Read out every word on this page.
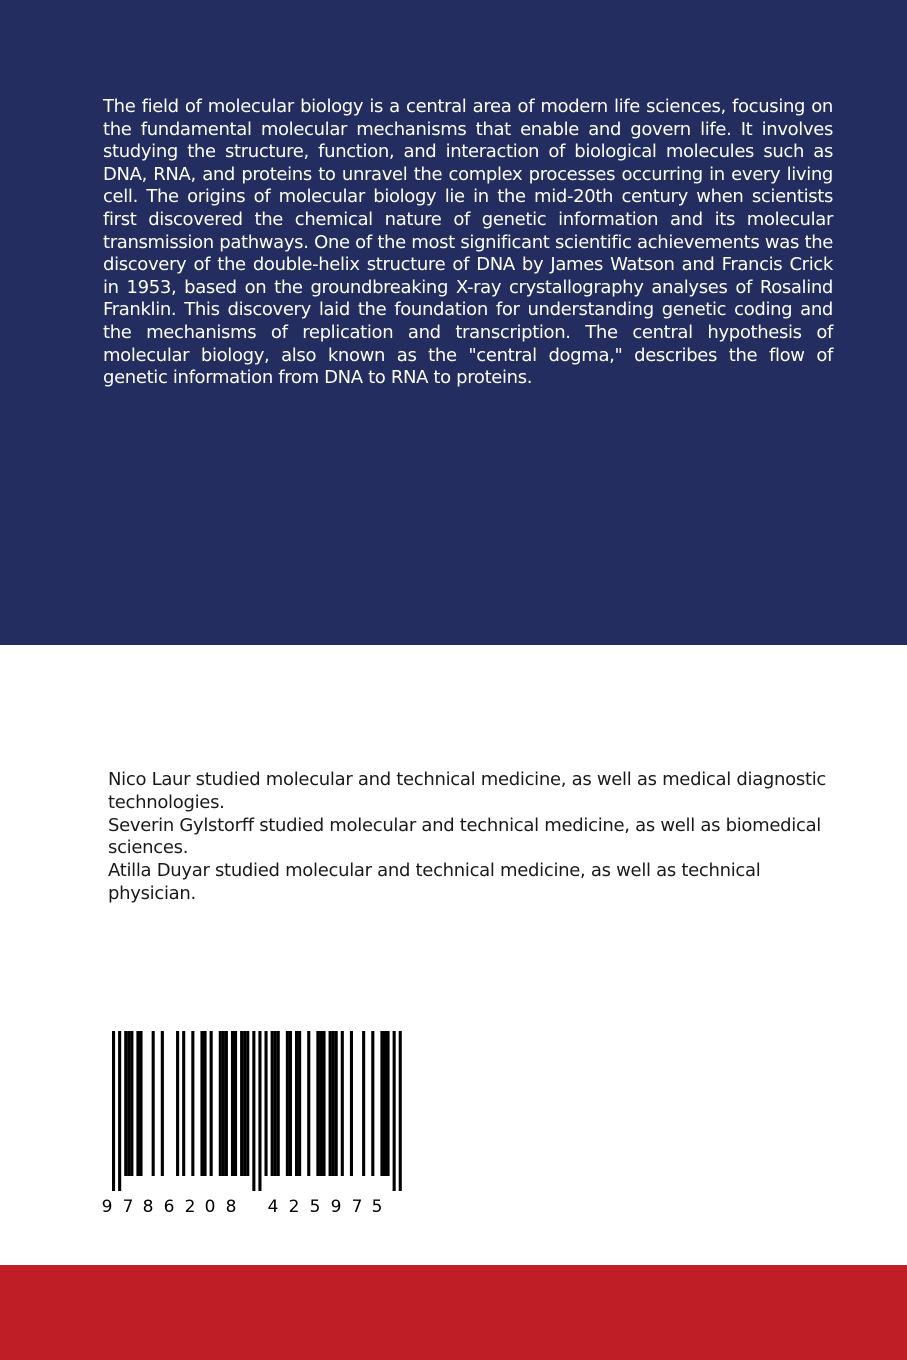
The field of molecular biology is a central area of modern life sciences, focusing on the fundamental molecular mechanisms that enable and govern life. It involves studying the structure, function, and interaction of biological molecules such as DNA, RNA, and proteins to unravel the complex processes occurring in every living cell. The origins of molecular biology lie in the mid-20th century when scientists first discovered the chemical nature of genetic information and its molecular transmission pathways. One of the most significant scientific achievements was the discovery of the double-helix structure of DNA by James Watson and Francis Crick in 1953, based on the groundbreaking X-ray crystallography analyses of Rosalind Franklin. This discovery laid the foundation for understanding genetic coding and the mechanisms of replication and transcription. The central hypothesis of molecular biology, also known as the "central dogma," describes the flow of genetic information from DNA to RNA to proteins.

Nico Laur studied molecular and technical medicine, as well as medical diagnostic technologies.

Severin Gylstorff studied molecular and technical medicine, as well as biomedical sciences.

Atilla Duyar studied molecular and technical medicine, as well as technical physician.

9 7 8 6 2 0 8 4 2 5 9 7 5
